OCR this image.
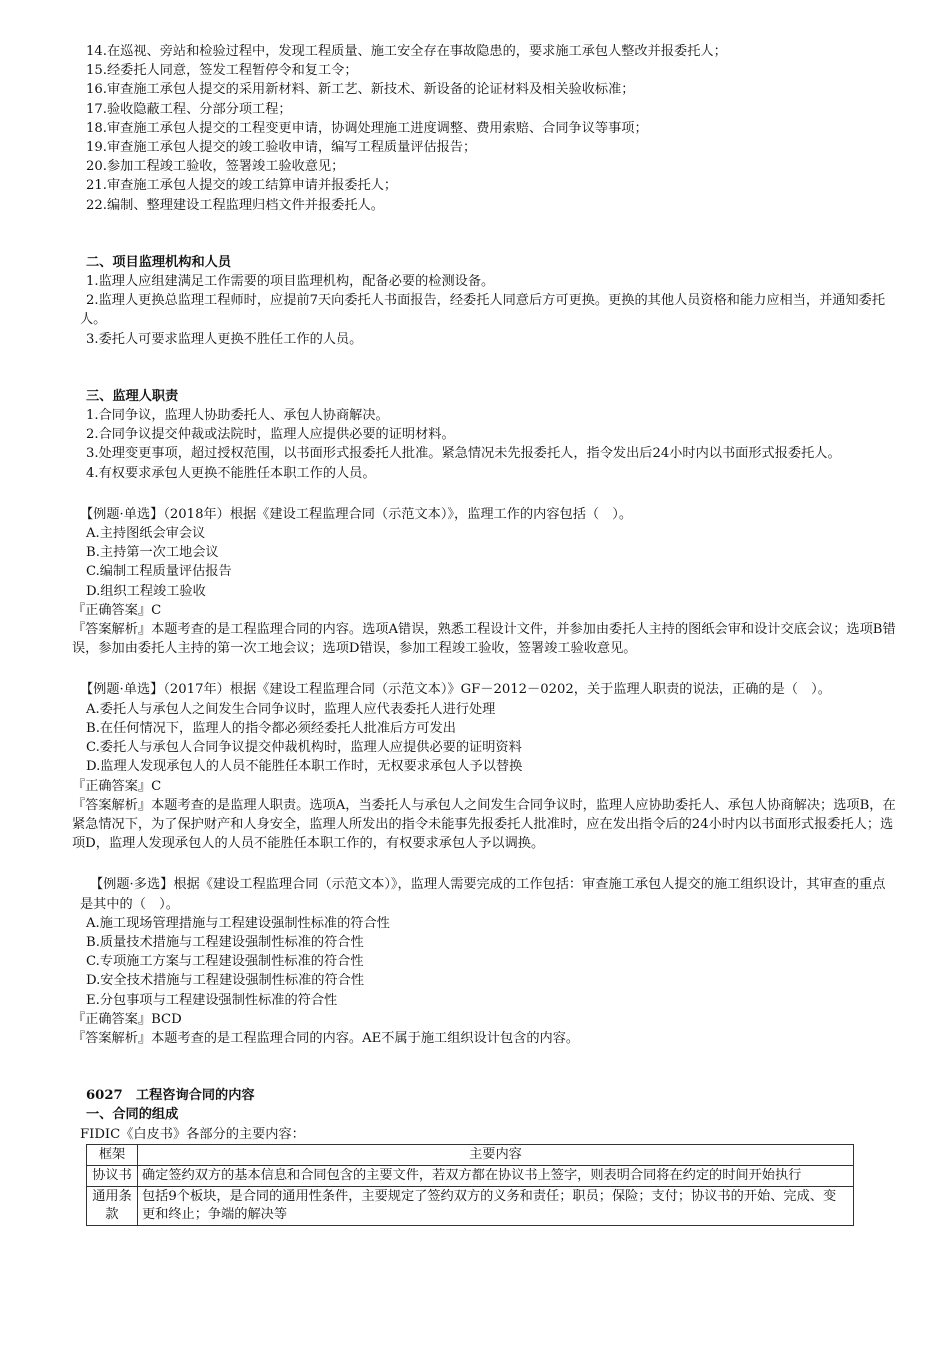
14.在巡视、旁站和检验过程中，发现工程质量、施工安全存在事故隐患的，要求施工承包人整改并报委托人；
15.经委托人同意，签发工程暂停令和复工令；
16.审查施工承包人提交的采用新材料、新工艺、新技术、新设备的论证材料及相关验收标准；
17.验收隐蔽工程、分部分项工程；
18.审查施工承包人提交的工程变更申请，协调处理施工进度调整、费用索赔、合同争议等事项；
19.审查施工承包人提交的竣工验收申请，编写工程质量评估报告；
20.参加工程竣工验收，签署竣工验收意见；
21.审查施工承包人提交的竣工结算申请并报委托人；
22.编制、整理建设工程监理归档文件并报委托人。
二、项目监理机构和人员
1.监理人应组建满足工作需要的项目监理机构，配备必要的检测设备。
2.监理人更换总监理工程师时，应提前7天向委托人书面报告，经委托人同意后方可更换。更换的其他人员资格和能力应相当，并通知委托人。
3.委托人可要求监理人更换不胜任工作的人员。
三、监理人职责
1.合同争议，监理人协助委托人、承包人协商解决。
2.合同争议提交仲裁或法院时，监理人应提供必要的证明材料。
3.处理变更事项，超过授权范围，以书面形式报委托人批准。紧急情况未先报委托人，指令发出后24小时内以书面形式报委托人。
4.有权要求承包人更换不能胜任本职工作的人员。
【例题·单选】（2018年）根据《建设工程监理合同（示范文本）》，监理工作的内容包括（　）。
A.主持图纸会审会议
B.主持第一次工地会议
C.编制工程质量评估报告
D.组织工程竣工验收
『正确答案』C
『答案解析』本题考查的是工程监理合同的内容。选项A错误，熟悉工程设计文件，并参加由委托人主持的图纸会审和设计交底会议；选项B错误，参加由委托人主持的第一次工地会议；选项D错误，参加工程竣工验收，签署竣工验收意见。
【例题·单选】（2017年）根据《建设工程监理合同（示范文本）》GF－2012－0202，关于监理人职责的说法，正确的是（　）。
A.委托人与承包人之间发生合同争议时，监理人应代表委托人进行处理
B.在任何情况下，监理人的指令都必须经委托人批准后方可发出
C.委托人与承包人合同争议提交仲裁机构时，监理人应提供必要的证明资料
D.监理人发现承包人的人员不能胜任本职工作时，无权要求承包人予以替换
『正确答案』C
『答案解析』本题考查的是监理人职责。选项A，当委托人与承包人之间发生合同争议时，监理人应协助委托人、承包人协商解决；选项B，在紧急情况下，为了保护财产和人身安全，监理人所发出的指令未能事先报委托人批准时，应在发出指令后的24小时内以书面形式报委托人；选项D，监理人发现承包人的人员不能胜任本职工作的，有权要求承包人予以调换。
【例题·多选】根据《建设工程监理合同（示范文本）》，监理人需要完成的工作包括：审查施工承包人提交的施工组织设计，其审查的重点是其中的（　）。
A.施工现场管理措施与工程建设强制性标准的符合性
B.质量技术措施与工程建设强制性标准的符合性
C.专项施工方案与工程建设强制性标准的符合性
D.安全技术措施与工程建设强制性标准的符合性
E.分包事项与工程建设强制性标准的符合性
『正确答案』BCD
『答案解析』本题考查的是工程监理合同的内容。AE不属于施工组织设计包含的内容。
6027　工程咨询合同的内容
一、合同的组成
FIDIC《白皮书》各部分的主要内容：
框架	主要内容
协议书	确定签约双方的基本信息和合同包含的主要文件，若双方都在协议书上签字，则表明合同将在约定的时间开始执行
通用条款	包括9个板块，是合同的通用性条件，主要规定了签约双方的义务和责任；职员；保险；支付；协议书的开始、完成、变更和终止；争端的解决等
